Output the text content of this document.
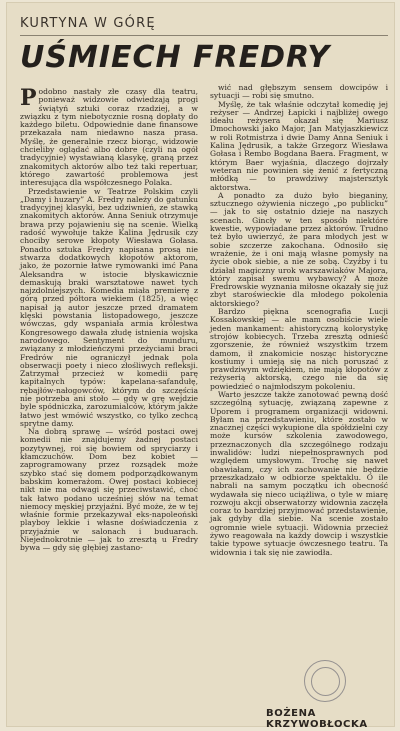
KURTYNA W GÓRĘ
UŚMIECH FREDRY

Podobno nastały złe czasy dla teatru, ponieważ widzowie odwiedzają progi świątyń sztuki coraz rzadziej, a w związku z tym niebotycznie rosną dopłaty do każdego biletu. Odpowiednie dane finansowe przekazała nam niedawno nasza prasa. Myślę, że generalnie rzecz biorąc, widzowie chcieliby oglądać albo dobre (czyli na ogół tradycyjnie) wystawianą klasykę, graną przez znakomitych aktorów albo też taki repertuar, którego zawartość problemowa jest interesująca dla współczesnego Polaka.

Przedstawienie w Teatrze Polskim czyli „Damy i huzary” A. Fredry należy do gatunku tradycyjnej klasyki, bez udziwnień, ze stawką znakomitych aktorów. Anna Seniuk otrzymuje brawa przy pojawieniu się na scenie. Wielką radość wywołuje także Kalina Jędrusik czy chociby serowe kłopoty Wiesława Gołasa. Ponadto sztuka Fredry napisana prosą nie stwarza dodatkowych kłopotów aktorom, jako, że pozornie łatwe rymowanki imć Pana Aleksandra w istocie błyskawicznie demaskują braki warsztatowe nawet tych najzdolniejszych. Komedia miała premierę z górą przed półtora wiekiem (1825), a więc napisał ją autor jeszcze przed dramatem klęski powstania listopadowego, jeszcze wówczas, gdy wspaniała armia królestwa Kongresowego dawała złudę istnienia wojska narodowego. Sentyment do munduru, związany z młodzieńczymi przeżyciami braci Fredrów nie ograniczył jednak pola obserwacji poety i nieco złośliwych refleksji. Zatrzymał przecież w komedii parę kapitalnych typów: kapelana-safandułę, rębajłów-nałogowców, którym do szczęścia nie potrzeba ani stoło — gdy w grę wejdzie byle spódniczka, zarozumialców, którym jakże łatwo jest wmówić wszystko, co tylko zechcą sprytne damy.

Na dobrą sprawę — wśród postaci owej komedii nie znajdujemy żadnej postaci pozytywnej, roi się bowiem od spryciarzy i kłamczuchów. Dom bez kobiet — zaprogramowany przez rozsądek może szybko stać się domem podporządkowanym babskim komerażom. Owej postaci kobiecej nikt nie ma odwagi się przeciwstawić, choć tak łatwo podano ucześniej słów na temat niemocy męskiej przyjaźni. Być może, że w tej właśnie formie przekazywał eks-napoleoński playboy lekkie i własne doświadczenia z przyjaźnie w salonach i buduarach. Niejednokrotnie — jak to zresztą u Fredry bywa — gdy się głębiej zastano-

wić nad głębszym sensem dowcipów i sytuacji — robi się smutno.

Myślę, że tak właśnie odczytał komedię jej reżyser — Andrzej Łapicki i najbliżej owego ideału reżysera okazał się Mariusz Dmochowski jako Major, Jan Matyjaszkiewicz w roli Rotmistrza i dwie Damy Anna Seniuk i Kalina Jędrusik, a także Grzegorz Wiesława Gołasa i Rembo Bogdana Baera. Fragment, w którym Baer wyjaśnia, dlaczego dojrzały weteran nie powinien się żenić z fertyczną młódką — to prawdziwy majstersztyk aktorstwa.

A ponadto za dużo było bieganiny, sztucznego ożywienia niczego „po publicku” — jak to się ostatnio dzieje na naszych scenach. Gincły w ten sposób niektóre kwestie, wypowiadane przez aktorów. Trudno też było uwierzyć, że para młodych jest w sobie szczerze zakochana. Odnosiło się wrażenie, że i oni mają własne pomysły na życie obok siebie, a nie ze sobą. Czyżby i tu działał magiczny urok warszawiaków Majora, który zapisał swemu wybawcy? A może Fredrowskie wyznania miłosne okazały się już zbyt staroświeckie dla młodego pokolenia aktorskiego?

Bardzo piękna scenografia Lucji Kossakowskiej — ale mam osobiście wiele jeden mankament: ahistoryczną kolorystykę strojów kobiecych. Trzeba zresztą odnieść zgorszenie, że również wszystkim trzem damom, ił znakomicie nosząc historyczne kostiumy i umieją się na nich poruszać z prawdziwym wdziękiem, nie mają kłopotów z reżyserią aktorską, czego nie da się powiedzieć o najmłodszym pokoleniu.

Warto jeszcze także zanotować pewną dość szczególną sytuację, związaną zapewne z Uporem i programem organizacji widowni. Byłam na przedstawieniu, które zostało w znacznej części wykupione dla spółdzielni czy może kursów szkolenia zawodowego, przeznaczonych dla szczególnego rodzaju inwalidów: ludzi niepełnosprawnych pod względem umysłowym. Trochę się nawet obawiałam, czy ich zachowanie nie będzie przeszkadzało w odbiorze spektaklu. O ile nabrali na samym początku ich obecność wydawała się nieco uciążliwa, o tyle w miarę rozwoju akcji obserwatorzy widownia zaczęła coraz to bardziej przyjmować przedstawienie, jak gdyby dla siebie. Na scenie zostało ogromnie wiele sytuacji. Widownia przecież żywo reagowała na każdy dowcip i wszystkie takie typowe sytuacje ówczesnego teatru. Ta widownia i tak się nie zawiodła.

BOŻENA KRZYWOBŁOCKA
